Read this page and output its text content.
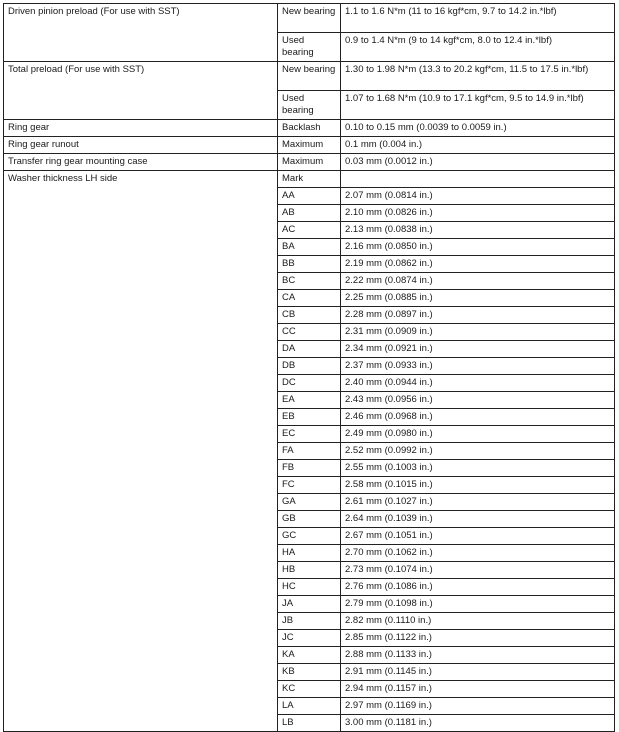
Driven pinion preload (For use with SST)	New bearing	1.1 to 1.6 N*m (11 to 16 kgf*cm, 9.7 to 14.2 in.*lbf)
	Used bearing	0.9 to 1.4 N*m (9 to 14 kgf*cm, 8.0 to 12.4 in.*lbf)
Total preload (For use with SST)	New bearing	1.30 to 1.98 N*m (13.3 to 20.2 kgf*cm, 11.5 to 17.5 in.*lbf)
	Used bearing	1.07 to 1.68 N*m (10.9 to 17.1 kgf*cm, 9.5 to 14.9 in.*lbf)
Ring gear	Backlash	0.10 to 0.15 mm (0.0039 to 0.0059 in.)
Ring gear runout	Maximum	0.1 mm (0.004 in.)
Transfer ring gear mounting case	Maximum	0.03 mm (0.0012 in.)
Washer thickness LH side	Mark	
	AA	2.07 mm (0.0814 in.)
	AB	2.10 mm (0.0826 in.)
	AC	2.13 mm (0.0838 in.)
	BA	2.16 mm (0.0850 in.)
	BB	2.19 mm (0.0862 in.)
	BC	2.22 mm (0.0874 in.)
	CA	2.25 mm (0.0885 in.)
	CB	2.28 mm (0.0897 in.)
	CC	2.31 mm (0.0909 in.)
	DA	2.34 mm (0.0921 in.)
	DB	2.37 mm (0.0933 in.)
	DC	2.40 mm (0.0944 in.)
	EA	2.43 mm (0.0956 in.)
	EB	2.46 mm (0.0968 in.)
	EC	2.49 mm (0.0980 in.)
	FA	2.52 mm (0.0992 in.)
	FB	2.55 mm (0.1003 in.)
	FC	2.58 mm (0.1015 in.)
	GA	2.61 mm (0.1027 in.)
	GB	2.64 mm (0.1039 in.)
	GC	2.67 mm (0.1051 in.)
	HA	2.70 mm (0.1062 in.)
	HB	2.73 mm (0.1074 in.)
	HC	2.76 mm (0.1086 in.)
	JA	2.79 mm (0.1098 in.)
	JB	2.82 mm (0.1110 in.)
	JC	2.85 mm (0.1122 in.)
	KA	2.88 mm (0.1133 in.)
	KB	2.91 mm (0.1145 in.)
	KC	2.94 mm (0.1157 in.)
	LA	2.97 mm (0.1169 in.)
	LB	3.00 mm (0.1181 in.)
